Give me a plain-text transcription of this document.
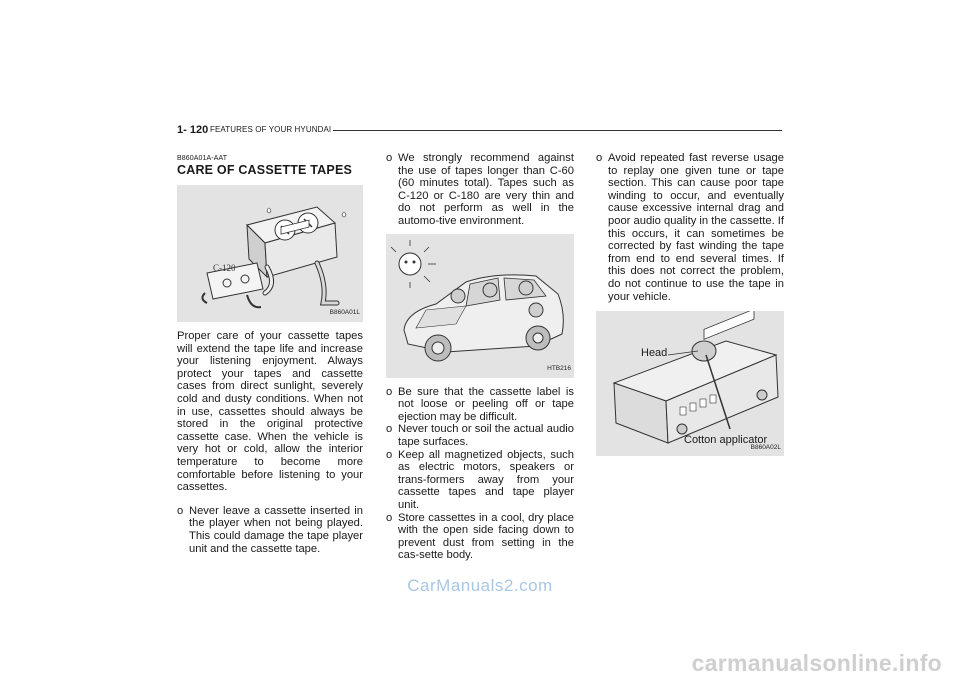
1- 120 FEATURES OF YOUR HYUNDAI
B860A01A-AAT
CARE OF CASSETTE TAPES
C-120
B860A01L

Proper care of your cassette tapes will extend the tape life and increase your listening enjoyment. Always protect your tapes and cassette cases from direct sunlight, severely cold and dusty conditions. When not in use, cassettes should always be stored in the original protective cassette case. When the vehicle is very hot or cold, allow the interior temperature to become more comfortable before listening to your cassettes.

o Never leave a cassette inserted in the player when not being played. This could damage the tape player unit and the cassette tape.
o We strongly recommend against the use of tapes longer than C-60 (60 minutes total). Tapes such as C-120 or C-180 are very thin and do not perform as well in the automo-tive environment.
HTB216
o Be sure that the cassette label is not loose or peeling off or tape ejection may be difficult.
o Never touch or soil the actual audio tape surfaces.
o Keep all magnetized objects, such as electric motors, speakers or trans-formers away from your cassette tapes and tape player unit.
o Store cassettes in a cool, dry place with the open side facing down to prevent dust from setting in the cas-sette body.
o Avoid repeated fast reverse usage to replay one given tune or tape section. This can cause poor tape winding to occur, and eventually cause excessive internal drag and poor audio quality in the cassette. If this occurs, it can sometimes be corrected by fast winding the tape from end to end several times. If this does not correct the problem, do not continue to use the tape in your vehicle.
Head
Cotton applicator
B860A02L
CarManuals2.com
carmanualsonline.info
